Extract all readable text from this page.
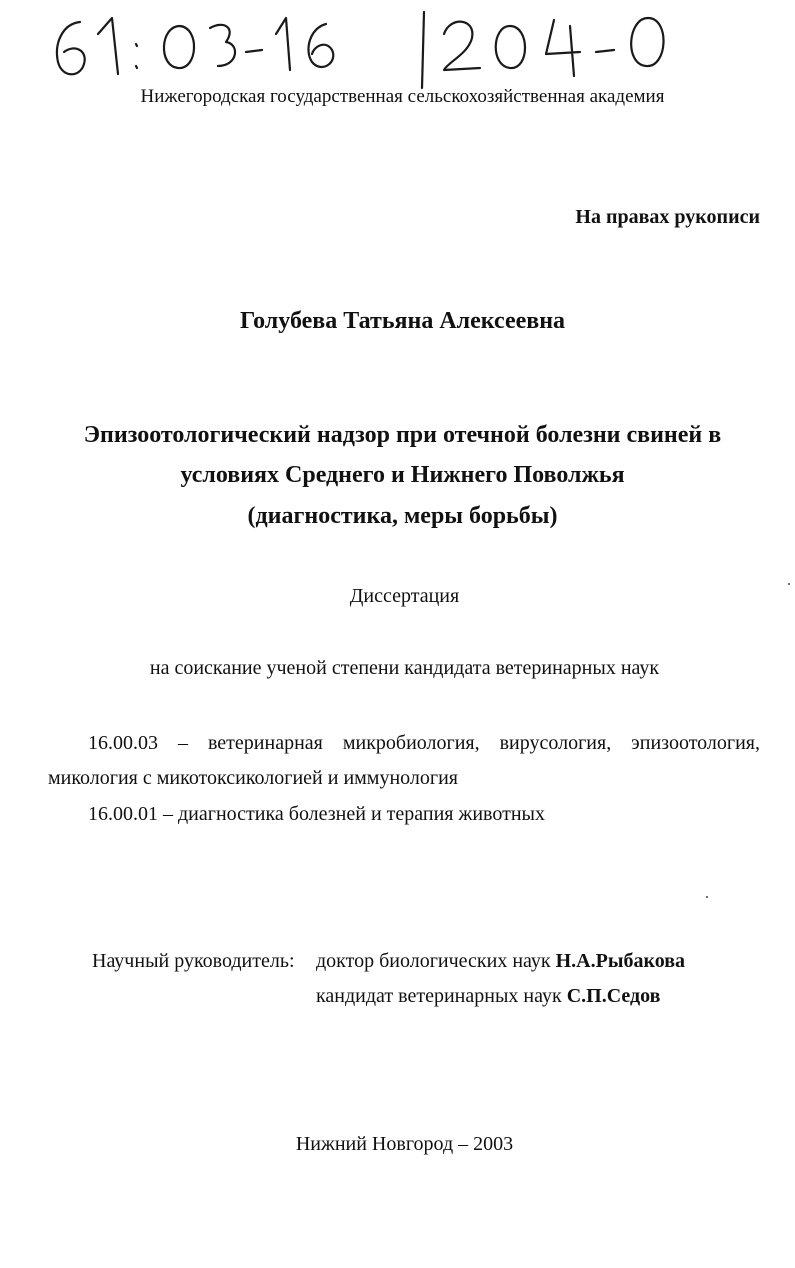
Нижегородская государственная сельскохозяйственная академия
На правах рукописи
Голубева Татьяна Алексеевна
Эпизоотологический надзор при отечной болезни свиней в
условиях Среднего и Нижнего Поволжья
(диагностика, меры борьбы)
Диссертация
на соискание ученой степени кандидата ветеринарных наук
16.00.03 – ветеринарная микробиология, вирусология, эпизоотология,
микология с микотоксикологией и иммунология
16.00.01 – диагностика болезней и терапия животных
Научный руководитель: доктор биологических наук Н.А.Рыбакова
кандидат ветеринарных наук С.П.Седов
Нижний Новгород – 2003
